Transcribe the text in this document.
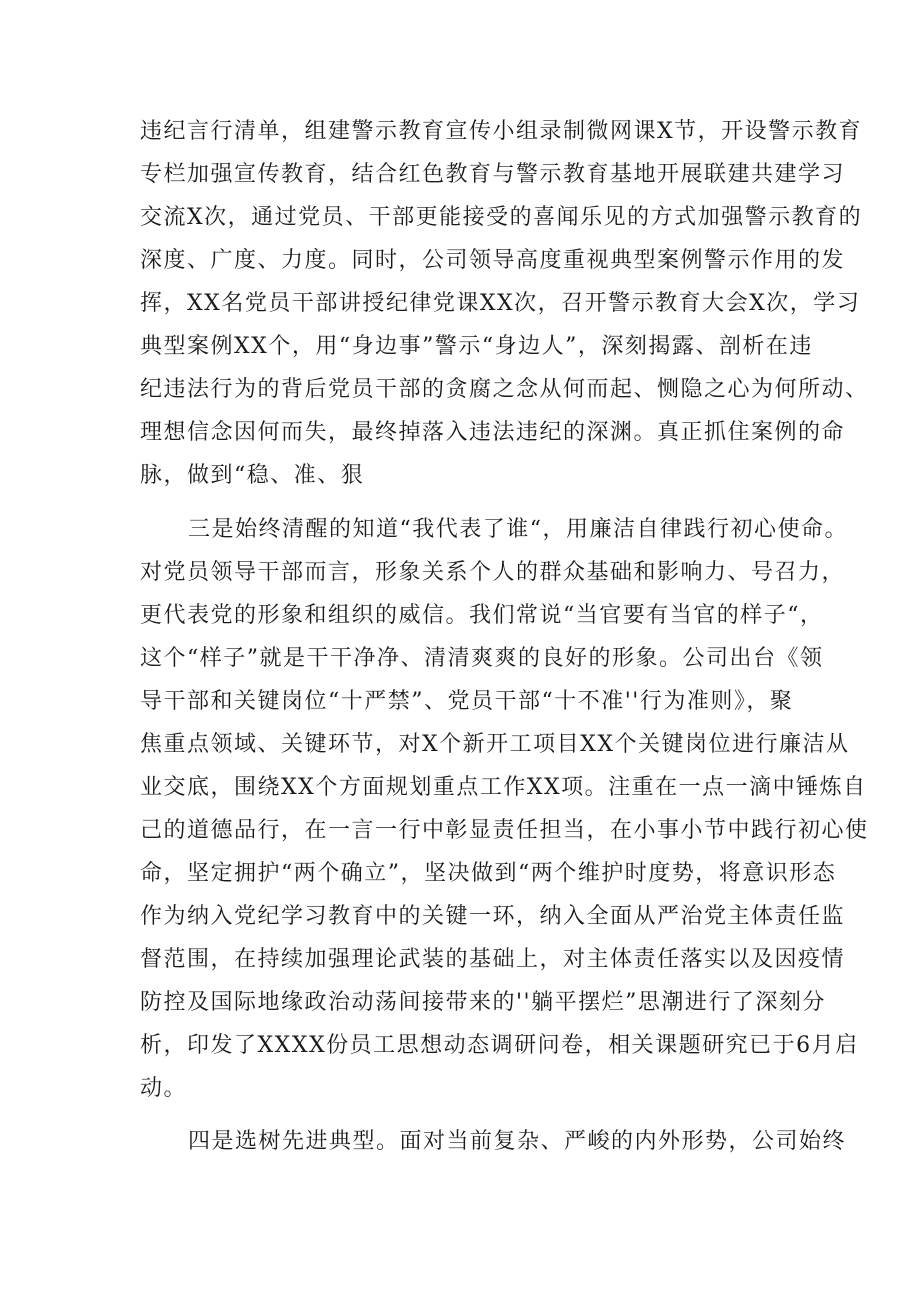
违纪言行清单，组建警示教育宣传小组录制微网课X节，开设警示教育
专栏加强宣传教育，结合红色教育与警示教育基地开展联建共建学习
交流X次，通过党员、干部更能接受的喜闻乐见的方式加强警示教育的
深度、广度、力度。同时，公司领导高度重视典型案例警示作用的发
挥，XX名党员干部讲授纪律党课XX次，召开警示教育大会X次，学习
典型案例XX个，用“身边事”警示“身边人”，深刻揭露、剖析在违
纪违法行为的背后党员干部的贪腐之念从何而起、恻隐之心为何所动、
理想信念因何而失，最终掉落入违法违纪的深渊。真正抓住案例的命
脉，做到“稳、准、狠
三是始终清醒的知道“我代表了谁“，用廉洁自律践行初心使命。
对党员领导干部而言，形象关系个人的群众基础和影响力、号召力，
更代表党的形象和组织的威信。我们常说“当官要有当官的样子“，
这个“样子”就是干干净净、清清爽爽的良好的形象。公司出台《领
导干部和关键岗位“十严禁”、党员干部“十不准''行为准则》，聚
焦重点领域、关键环节，对X个新开工项目XX个关键岗位进行廉洁从
业交底，围绕XX个方面规划重点工作XX项。注重在一点一滴中锤炼自
己的道德品行，在一言一行中彰显责任担当，在小事小节中践行初心使
命，坚定拥护“两个确立”，坚决做到“两个维护时度势，将意识形态
作为纳入党纪学习教育中的关键一环，纳入全面从严治党主体责任监
督范围，在持续加强理论武装的基础上，对主体责任落实以及因疫情
防控及国际地缘政治动荡间接带来的''躺平摆烂”思潮进行了深刻分
析，印发了XXXX份员工思想动态调研问卷，相关课题研究已于6月启
动。
四是选树先进典型。面对当前复杂、严峻的内外形势，公司始终
